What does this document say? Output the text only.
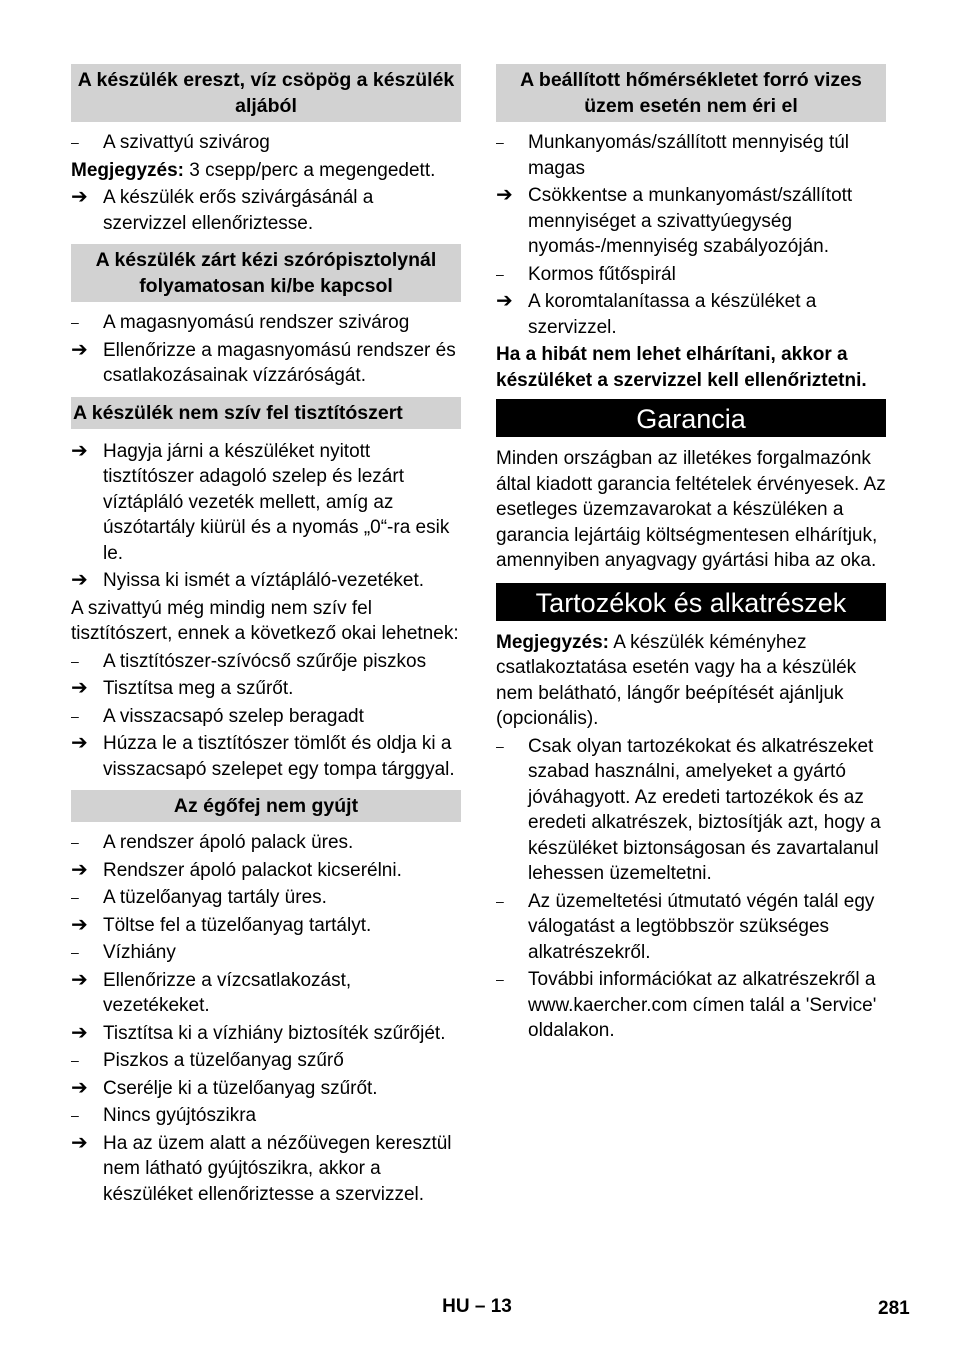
A készülék ereszt, víz csöpög a készülék aljából
–	A szivattyú szivárog
Megjegyzés: 3 csepp/perc a megengedett.
➔ A készülék erős szivárgásánál a szervizzel ellenőriztesse.
A készülék zárt kézi szórópisztolynál folyamatosan ki/be kapcsol
–	A magasnyomású rendszer szivárog
➔ Ellenőrizze a magasnyomású rendszer és csatlakozásainak vízzáróságát.
A készülék nem szív fel tisztítószert
➔ Hagyja járni a készüléket nyitott tisztítószer adagoló szelep és lezárt víztápláló vezeték mellett, amíg az úszótartály kiürül és a nyomás „0“-ra esik le.
➔ Nyissa ki ismét a víztápláló-vezetéket.
A szivattyú még mindig nem szív fel tisztítószert, ennek a következő okai lehetnek:
–	A tisztítószer-szívócső szűrője piszkos
➔ Tisztítsa meg a szűrőt.
–	A visszacsapó szelep beragadt
➔ Húzza le a tisztítószer tömlőt és oldja ki a visszacsapó szelepet egy tompa tárggyal.
Az égőfej nem gyújt
–	A rendszer ápoló palack üres.
➔ Rendszer ápoló palackot kicserélni.
–	A tüzelőanyag tartály üres.
➔ Töltse fel a tüzelőanyag tartályt.
–	Vízhiány
➔ Ellenőrizze a vízcsatlakozást, vezetékeket.
➔ Tisztítsa ki a vízhiány biztosíték szűrőjét.
–	Piszkos a tüzelőanyag szűrő
➔ Cserélje ki a tüzelőanyag szűrőt.
–	Nincs gyújtószikra
➔ Ha az üzem alatt a nézőüvegen keresztül nem látható gyújtószikra, akkor a készüléket ellenőriztesse a szervizzel.
A beállított hőmérsékletet forró vizes üzem esetén nem éri el
–	Munkanyomás/szállított mennyiség túl magas
➔ Csökkentse a munkanyomást/szállított mennyiséget a szivattyúegység nyomás-/mennyiség szabályozóján.
–	Kormos fűtőspirál
➔ A koromtalanítassa a készüléket a szervizzel.
Ha a hibát nem lehet elhárítani, akkor a készüléket a szervizzel kell ellenőriztetni.
Garancia
Minden országban az illetékes forgalmazónk által kiadott garancia feltételek érvényesek. Az esetleges üzemzavarokat a készüléken a garancia lejártáig költségmentesen elhárítjuk, amennyiben anyagvagy gyártási hiba az oka.
Tartozékok és alkatrészek
Megjegyzés: A készülék kéményhez csatlakoztatása esetén vagy ha a készülék nem belátható, lángőr beépítését ajánljuk (opcionális).
–	Csak olyan tartozékokat és alkatrészeket szabad használni, amelyeket a gyártó jóváhagyott. Az eredeti tartozékok és az eredeti alkatrészek, biztosítják azt, hogy a készüléket biztonságosan és zavartalanul lehessen üzemeltetni.
–	Az üzemeltetési útmutató végén talál egy válogatást a legtöbbször szükséges alkatrészekről.
–	További információkat az alkatrészekről a www.kaercher.com címen talál a 'Service' oldalakon.
HU – 13	281
